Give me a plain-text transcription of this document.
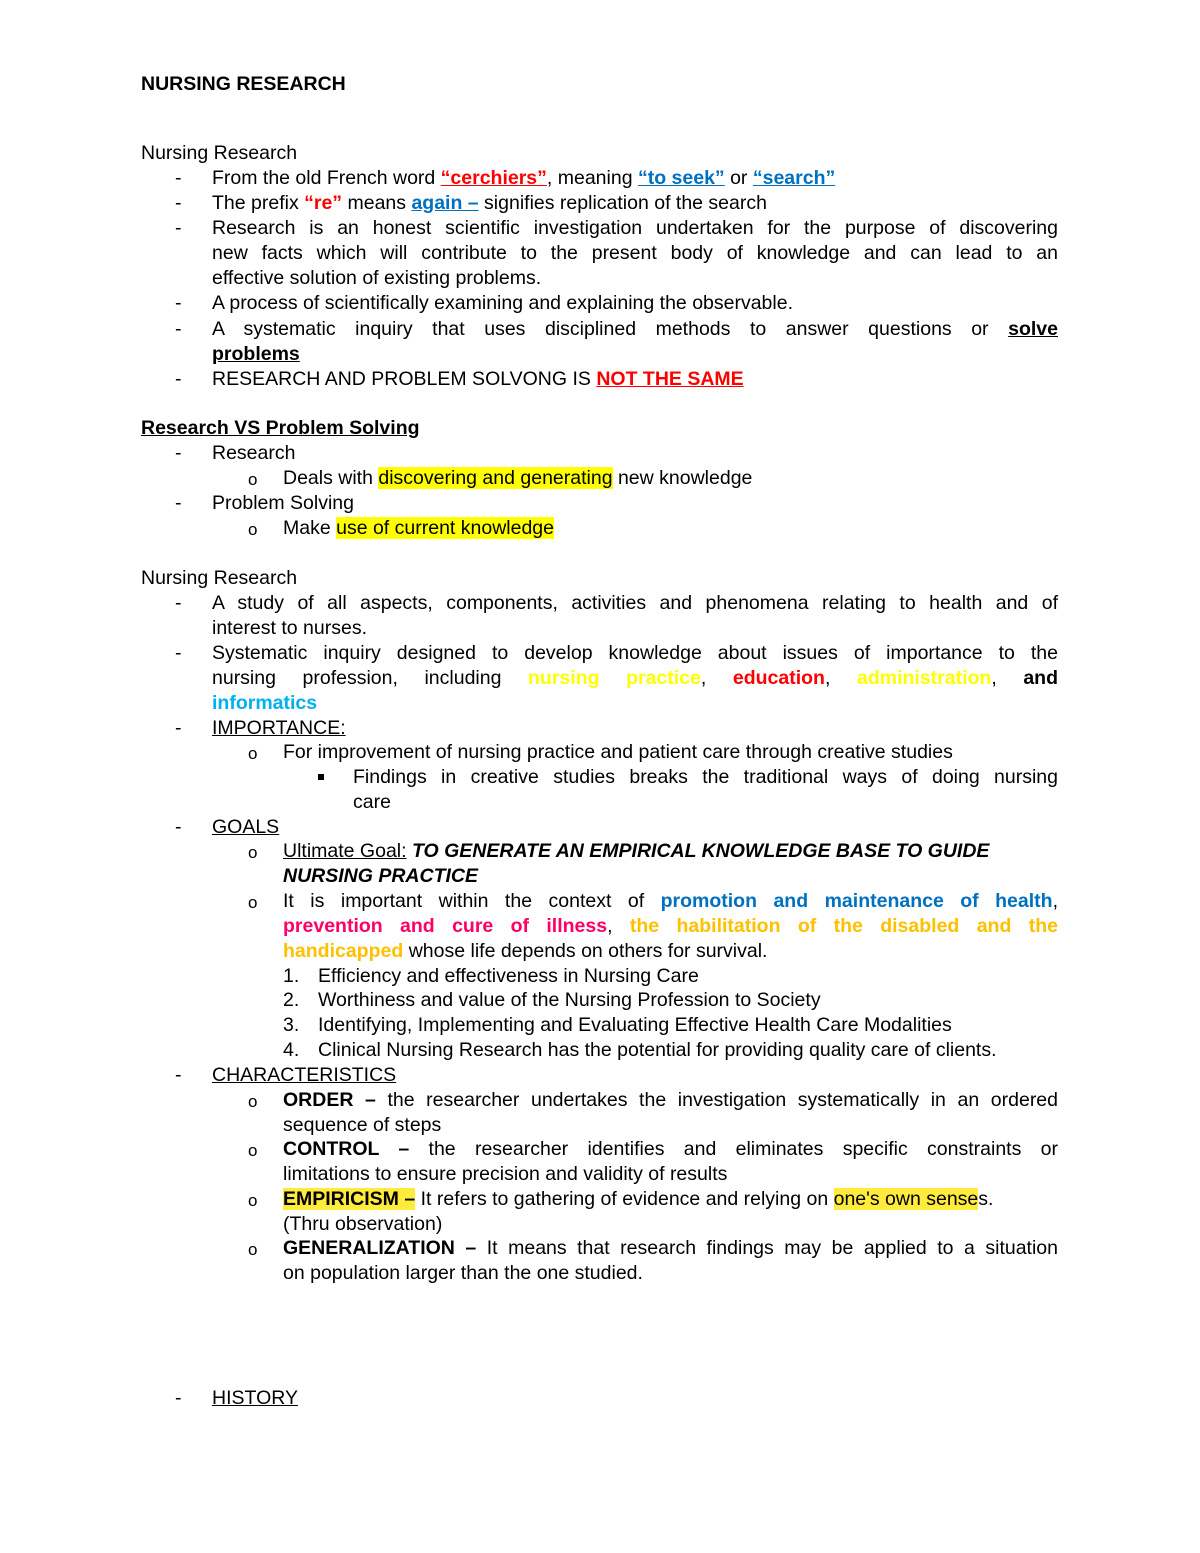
NURSING RESEARCH
Nursing Research
- From the old French word “cerchiers”, meaning “to seek” or “search”
- The prefix “re” means again – signifies replication of the search
- Research is an honest scientific investigation undertaken for the purpose of discovering
new facts which will contribute to the present body of knowledge and can lead to an
effective solution of existing problems.
- A process of scientifically examining and explaining the observable.
- A systematic inquiry that uses disciplined methods to answer questions or solve
problems
- RESEARCH AND PROBLEM SOLVONG IS NOT THE SAME
Research VS Problem Solving
- Research
o Deals with discovering and generating new knowledge
- Problem Solving
o Make use of current knowledge
Nursing Research
- A study of all aspects, components, activities and phenomena relating to health and of
interest to nurses.
- Systematic inquiry designed to develop knowledge about issues of importance to the
nursing profession, including nursing practice, education, administration, and
informatics
- IMPORTANCE:
o For improvement of nursing practice and patient care through creative studies
Findings in creative studies breaks the traditional ways of doing nursing
care
- GOALS
o Ultimate Goal: TO GENERATE AN EMPIRICAL KNOWLEDGE BASE TO GUIDE
NURSING PRACTICE
o It is important within the context of promotion and maintenance of health,
prevention and cure of illness, the habilitation of the disabled and the
handicapped whose life depends on others for survival.
1. Efficiency and effectiveness in Nursing Care
2. Worthiness and value of the Nursing Profession to Society
3. Identifying, Implementing and Evaluating Effective Health Care Modalities
4. Clinical Nursing Research has the potential for providing quality care of clients.
- CHARACTERISTICS
o ORDER – the researcher undertakes the investigation systematically in an ordered
sequence of steps
o CONTROL – the researcher identifies and eliminates specific constraints or
limitations to ensure precision and validity of results
o EMPIRICISM – It refers to gathering of evidence and relying on one's own senses.
(Thru observation)
o GENERALIZATION – It means that research findings may be applied to a situation
on population larger than the one studied.
- HISTORY
